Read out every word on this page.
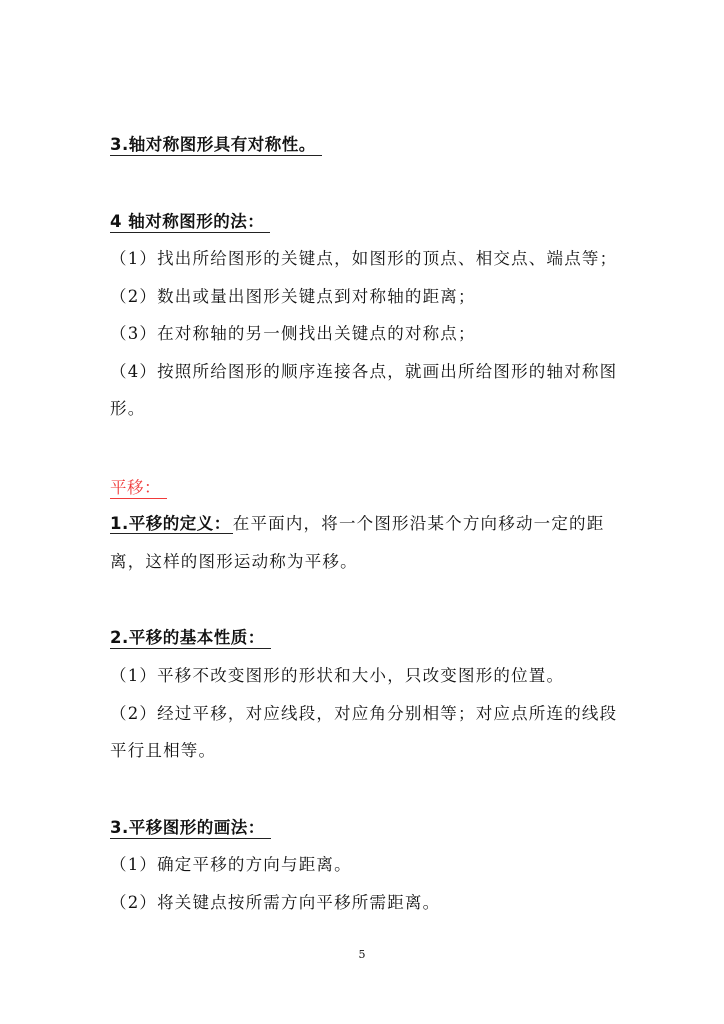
3.轴对称图形具有对称性。
4 轴对称图形的法：
（1）找出所给图形的关键点，如图形的顶点、相交点、端点等；
（2）数出或量出图形关键点到对称轴的距离；
（3）在对称轴的另一侧找出关键点的对称点；
（4）按照所给图形的顺序连接各点，就画出所给图形的轴对称图
形。
平移：
1.平移的定义： 在平面内，将一个图形沿某个方向移动一定的距
离，这样的图形运动称为平移。
2.平移的基本性质：
（1）平移不改变图形的形状和大小，只改变图形的位置。
（2）经过平移，对应线段，对应角分别相等；对应点所连的线段
平行且相等。
3.平移图形的画法：
（1）确定平移的方向与距离。
（2）将关键点按所需方向平移所需距离。
5
